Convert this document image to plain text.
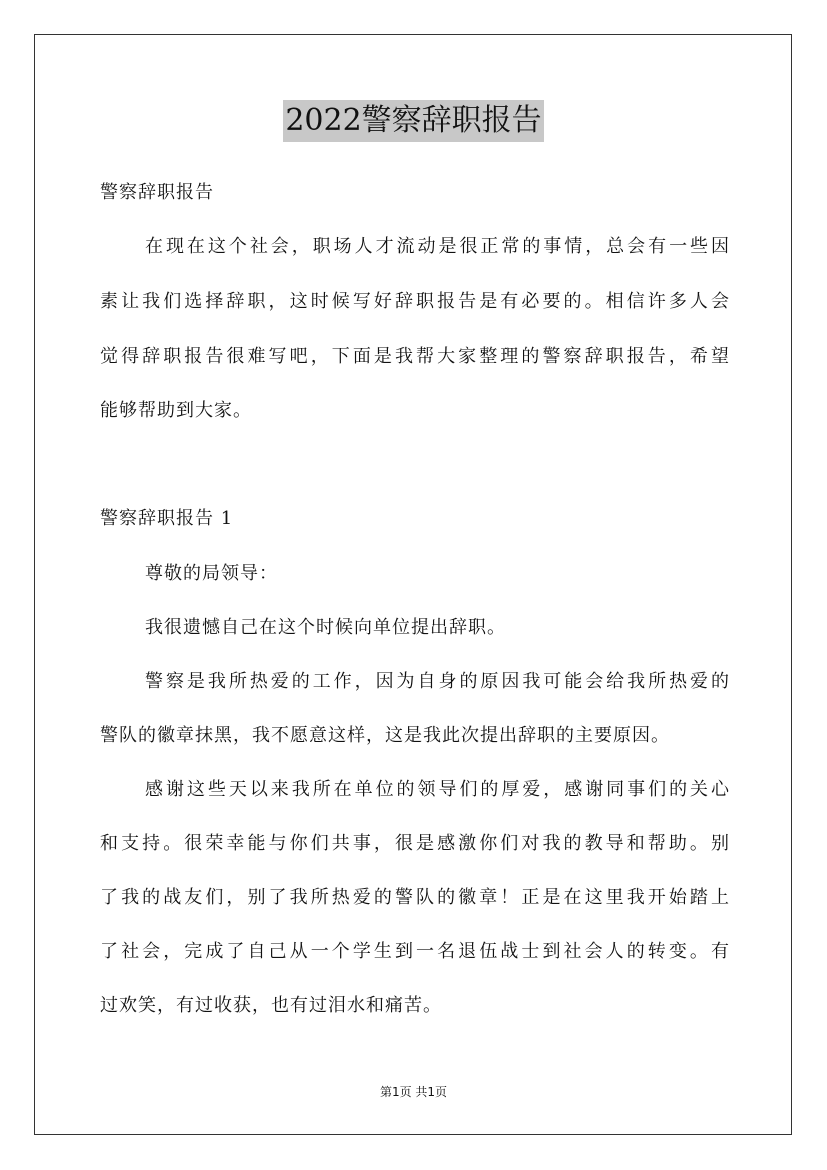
2022警察辞职报告
警察辞职报告
在现在这个社会，职场人才流动是很正常的事情，总会有一些因
素让我们选择辞职，这时候写好辞职报告是有必要的。相信许多人会
觉得辞职报告很难写吧，下面是我帮大家整理的警察辞职报告，希望
能够帮助到大家。
警察辞职报告 1
尊敬的局领导：
我很遗憾自己在这个时候向单位提出辞职。
警察是我所热爱的工作，因为自身的原因我可能会给我所热爱的
警队的徽章抹黑，我不愿意这样，这是我此次提出辞职的主要原因。
感谢这些天以来我所在单位的领导们的厚爱，感谢同事们的关心
和支持。很荣幸能与你们共事，很是感激你们对我的教导和帮助。别
了我的战友们，别了我所热爱的警队的徽章！正是在这里我开始踏上
了社会，完成了自己从一个学生到一名退伍战士到社会人的转变。有
过欢笑，有过收获，也有过泪水和痛苦。
第1页 共1页
